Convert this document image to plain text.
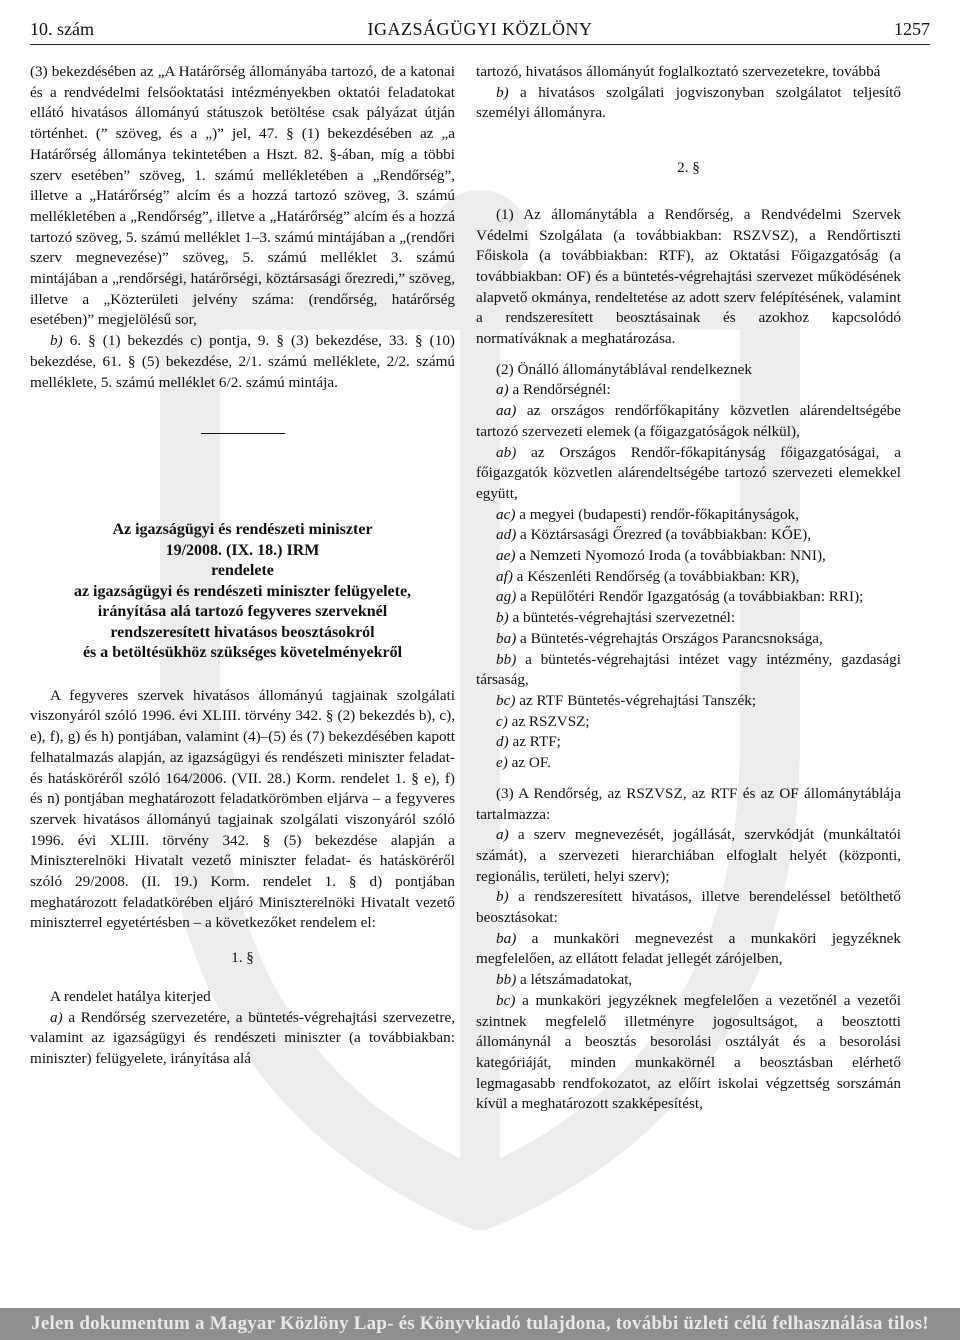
IGAZSÁGÜGYI KÖZLÖNY
10. szám	1257

(3) bekezdésében az „A Határőrség állományába tartozó, de a katonai és a rendvédelmi felsőoktatási intézményekben oktatói feladatokat ellátó hivatásos állományú státuszok betöltése csak pályázat útján történhet. (” szöveg, és a „)” jel, 47. § (1) bekezdésében az „a Határőrség állománya tekintetében a Hszt. 82. §-ában, míg a többi szerv esetében” szöveg, 1. számú mellékletében a „Rendőrség”, illetve a „Határőrség” alcím és a hozzá tartozó szöveg, 3. számú mellékletében a „Rendőrség”, illetve a „Határőrség” alcím és a hozzá tartozó szöveg, 5. számú melléklet 1–3. számú mintájában a „(rendőri szerv megnevezése)” szöveg, 5. számú melléklet 3. számú mintájában a „rendőrségi, határőrségi, köztársasági őrezredi,” szöveg, illetve a „Közterületi jelvény száma: (rendőrség, határőrség esetében)” megjelölésű sor,

b) 6. § (1) bekezdés c) pontja, 9. § (3) bekezdése, 33. § (10) bekezdése, 61. § (5) bekezdése, 2/1. számú melléklete, 2/2. számú melléklete, 5. számú melléklet 6/2. számú mintája.

Az igazságügyi és rendészeti miniszter
19/2008. (IX. 18.) IRM
rendelete
az igazságügyi és rendészeti miniszter felügyelete,
irányítása alá tartozó fegyveres szerveknél
rendszeresített hivatásos beosztásokról
és a betöltésükhöz szükséges követelményekről

A fegyveres szervek hivatásos állományú tagjainak szolgálati viszonyáról szóló 1996. évi XLIII. törvény 342. § (2) bekezdés b), c), e), f), g) és h) pontjában, valamint (4)–(5) és (7) bekezdésében kapott felhatalmazás alapján, az igazságügyi és rendészeti miniszter feladat- és hatásköréről szóló 164/2006. (VII. 28.) Korm. rendelet 1. § e), f) és n) pontjában meghatározott feladatkörömben eljárva – a fegyveres szervek hivatásos állományú tagjainak szolgálati viszonyáról szóló 1996. évi XLIII. törvény 342. § (5) bekezdése alapján a Miniszterelnöki Hivatalt vezető miniszter feladat- és hatásköréről szóló 29/2008. (II. 19.) Korm. rendelet 1. § d) pontjában meghatározott feladatkörében eljáró Miniszterelnöki Hivatalt vezető miniszterrel egyetértésben – a következőket rendelem el:

1. §

A rendelet hatálya kiterjed

a) a Rendőrség szervezetére, a büntetés-végrehajtási szervezetre, valamint az igazságügyi és rendészeti miniszter (a továbbiakban: miniszter) felügyelete, irányítása alá

tartozó, hivatásos állományút foglalkoztató szervezetekre, továbbá

b) a hivatásos szolgálati jogviszonyban szolgálatot teljesítő személyi állományra.

2. §

(1) Az állománytábla a Rendőrség, a Rendvédelmi Szervek Védelmi Szolgálata (a továbbiakban: RSZVSZ), a Rendőrtiszti Főiskola (a továbbiakban: RTF), az Oktatási Főigazgatóság (a továbbiakban: OF) és a büntetés-végrehajtási szervezet működésének alapvető okmánya, rendeltetése az adott szerv felépítésének, valamint a rendszeresített beosztásainak és azokhoz kapcsolódó normatíváknak a meghatározása.

(2) Önálló állománytáblával rendelkeznek

a) a Rendőrségnél:

aa) az országos rendőrfőkapitány közvetlen alárendeltségébe tartozó szervezeti elemek (a főigazgatóságok nélkül),

ab) az Országos Rendőr-főkapitányság főigazgatóságai, a főigazgatók közvetlen alárendeltségébe tartozó szervezeti elemekkel együtt,

ac) a megyei (budapesti) rendőr-főkapitányságok,

ad) a Köztársasági Őrezred (a továbbiakban: KŐE),

ae) a Nemzeti Nyomozó Iroda (a továbbiakban: NNI),

af) a Készenléti Rendőrség (a továbbiakban: KR),

ag) a Repülőtéri Rendőr Igazgatóság (a továbbiakban: RRI);

b) a büntetés-végrehajtási szervezetnél:

ba) a Büntetés-végrehajtás Országos Parancsnoksága,

bb) a büntetés-végrehajtási intézet vagy intézmény, gazdasági társaság,

bc) az RTF Büntetés-végrehajtási Tanszék;

c) az RSZVSZ;

d) az RTF;

e) az OF.

(3) A Rendőrség, az RSZVSZ, az RTF és az OF állománytáblája tartalmazza:

a) a szerv megnevezését, jogállását, szervkódját (munkáltatói számát), a szervezeti hierarchiában elfoglalt helyét (központi, regionális, területi, helyi szerv);

b) a rendszeresített hivatásos, illetve berendeléssel betölthető beosztásokat:

ba) a munkaköri megnevezést a munkaköri jegyzéknek megfelelően, az ellátott feladat jellegét zárójelben,

bb) a létszámadatokat,

bc) a munkaköri jegyzéknek megfelelően a vezetőnél a vezetői szintnek megfelelő illetményre jogosultságot, a beosztotti állománynál a beosztás besorolási osztályát és a besorolási kategóriáját, minden munkakörnél a beosztásban elérhető legmagasabb rendfokozatot, az előírt iskolai végzettség sorszámán kívül a meghatározott szakképesítést,

Jelen dokumentum a Magyar Közlöny Lap- és Könyvkiadó tulajdona, további üzleti célú felhasználása tilos!
